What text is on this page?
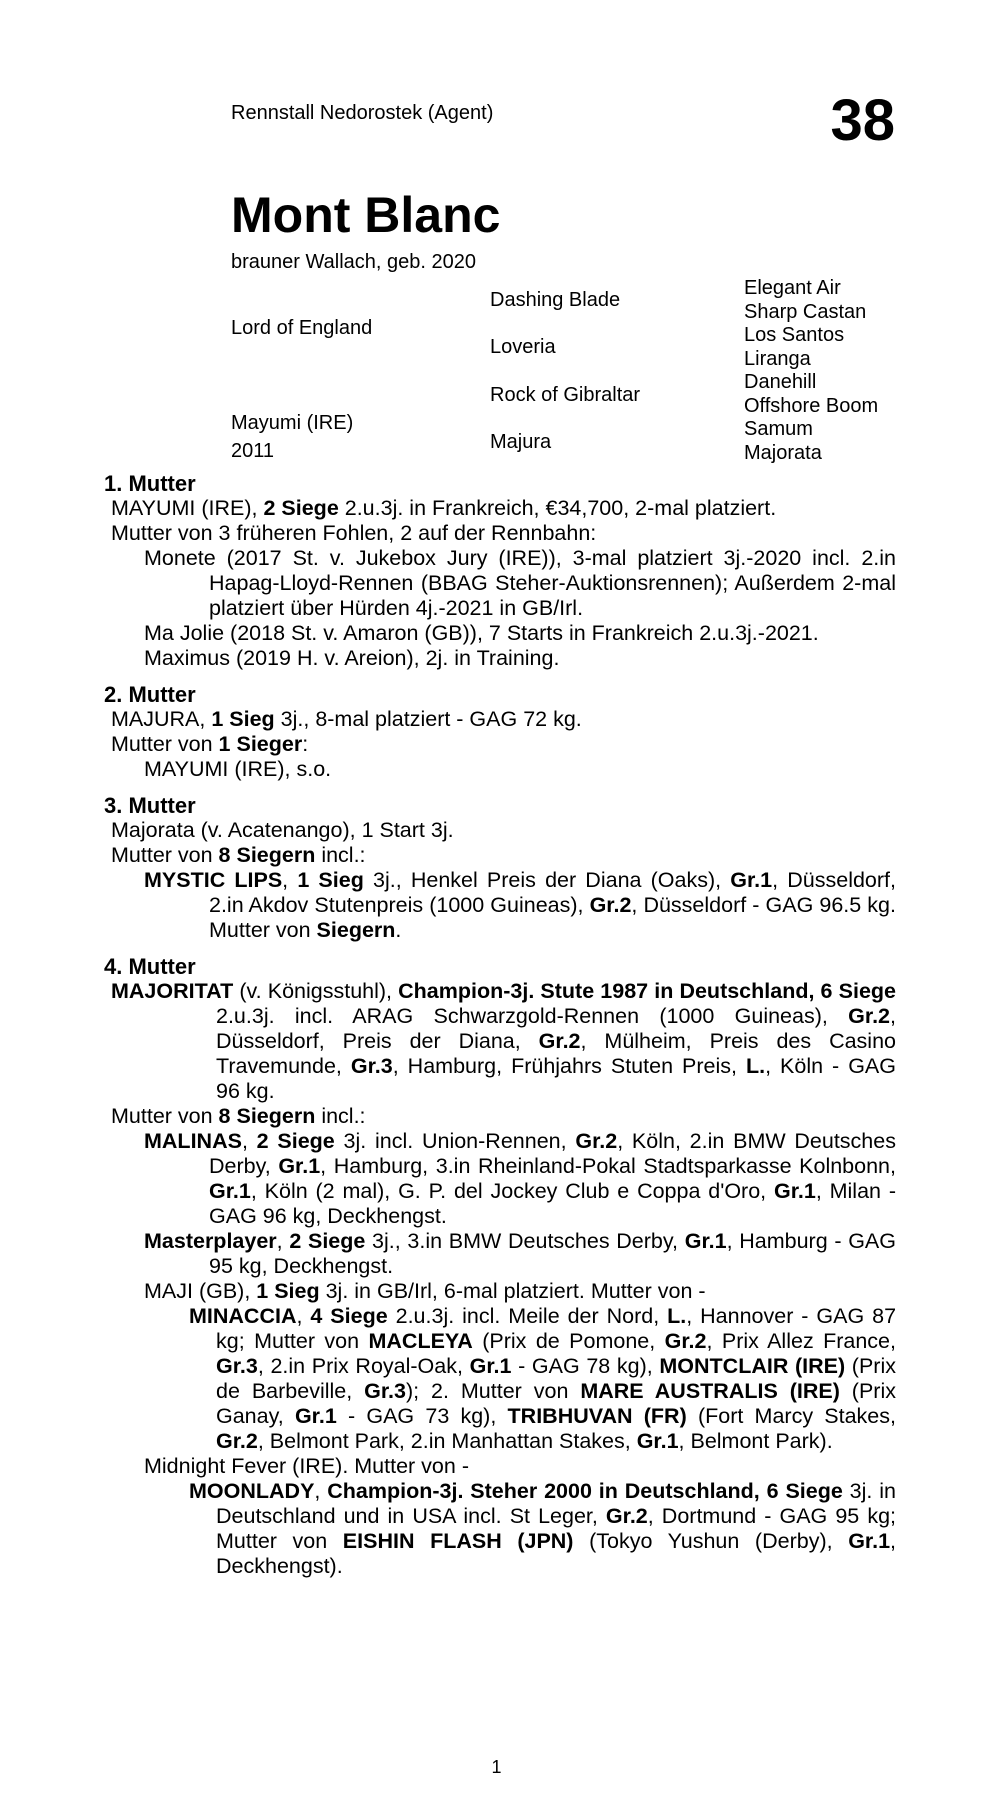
Rennstall Nedorostek (Agent)	38
Mont Blanc
brauner Wallach, geb. 2020
Lord of England
Mayumi (IRE)
2011
Dashing Blade
Loveria
Rock of Gibraltar
Majura
Elegant Air
Sharp Castan
Los Santos
Liranga
Danehill
Offshore Boom
Samum
Majorata
1. Mutter

MAYUMI (IRE), 2 Siege 2.u.3j. in Frankreich, €34,700, 2-mal platziert.

Mutter von 3 früheren Fohlen, 2 auf der Rennbahn:

Monete (2017 St. v. Jukebox Jury (IRE)), 3-mal platziert 3j.-2020 incl. 2.in Hapag-Lloyd-Rennen (BBAG Steher-Auktionsrennen); Außerdem 2-mal platziert über Hürden 4j.-2021 in GB/Irl.

Ma Jolie (2018 St. v. Amaron (GB)), 7 Starts in Frankreich 2.u.3j.-2021.

Maximus (2019 H. v. Areion), 2j. in Training.

2. Mutter

MAJURA, 1 Sieg 3j., 8-mal platziert - GAG 72 kg.

Mutter von 1 Sieger:

MAYUMI (IRE), s.o.

3. Mutter

Majorata (v. Acatenango), 1 Start 3j.

Mutter von 8 Siegern incl.:

MYSTIC LIPS, 1 Sieg 3j., Henkel Preis der Diana (Oaks), Gr.1, Düsseldorf, 2.in Akdov Stutenpreis (1000 Guineas), Gr.2, Düsseldorf - GAG 96.5 kg. Mutter von Siegern.

4. Mutter

MAJORITAT (v. Königsstuhl), Champion-3j. Stute 1987 in Deutschland, 6 Siege 2.u.3j. incl. ARAG Schwarzgold-Rennen (1000 Guineas), Gr.2, Düsseldorf, Preis der Diana, Gr.2, Mülheim, Preis des Casino Travemunde, Gr.3, Hamburg, Frühjahrs Stuten Preis, L., Köln - GAG 96 kg.

Mutter von 8 Siegern incl.:

MALINAS, 2 Siege 3j. incl. Union-Rennen, Gr.2, Köln, 2.in BMW Deutsches Derby, Gr.1, Hamburg, 3.in Rheinland-Pokal Stadtsparkasse Kolnbonn, Gr.1, Köln (2 mal), G. P. del Jockey Club e Coppa d'Oro, Gr.1, Milan - GAG 96 kg, Deckhengst.

Masterplayer, 2 Siege 3j., 3.in BMW Deutsches Derby, Gr.1, Hamburg - GAG 95 kg, Deckhengst.

MAJI (GB), 1 Sieg 3j. in GB/Irl, 6-mal platziert. Mutter von -

MINACCIA, 4 Siege 2.u.3j. incl. Meile der Nord, L., Hannover - GAG 87 kg; Mutter von MACLEYA (Prix de Pomone, Gr.2, Prix Allez France, Gr.3, 2.in Prix Royal-Oak, Gr.1 - GAG 78 kg), MONTCLAIR (IRE) (Prix de Barbeville, Gr.3); 2. Mutter von MARE AUSTRALIS (IRE) (Prix Ganay, Gr.1 - GAG 73 kg), TRIBHUVAN (FR) (Fort Marcy Stakes, Gr.2, Belmont Park, 2.in Manhattan Stakes, Gr.1, Belmont Park).

Midnight Fever (IRE). Mutter von -

MOONLADY, Champion-3j. Steher 2000 in Deutschland, 6 Siege 3j. in Deutschland und in USA incl. St Leger, Gr.2, Dortmund - GAG 95 kg; Mutter von EISHIN FLASH (JPN) (Tokyo Yushun (Derby), Gr.1, Deckhengst).

1
